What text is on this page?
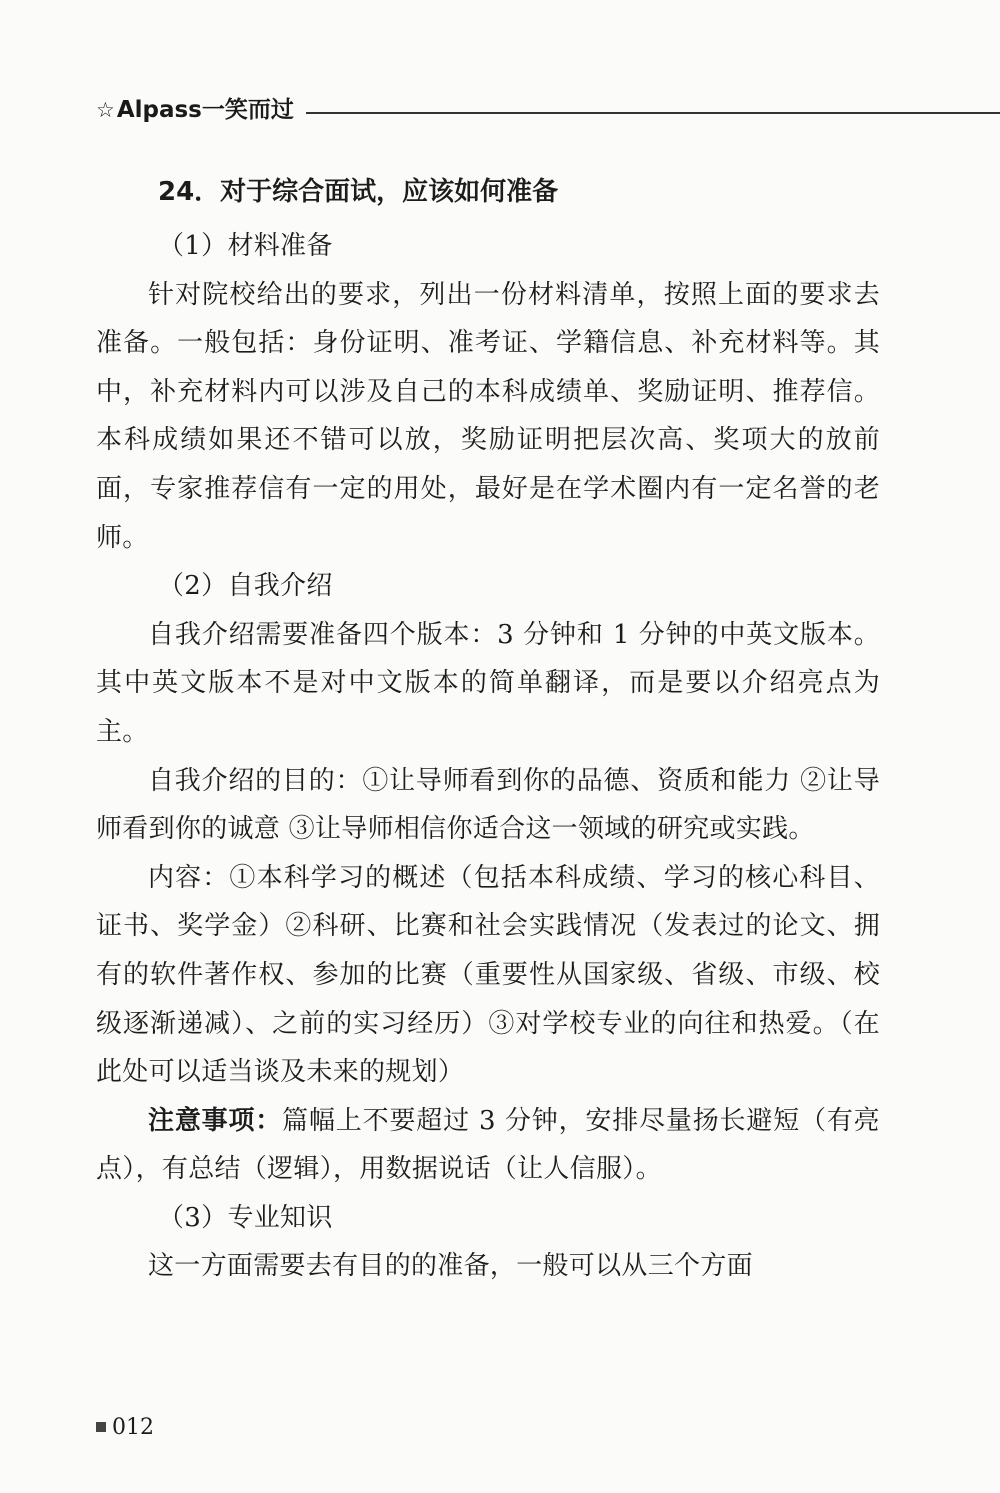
☆Alpass一笑而过
24．对于综合面试，应该如何准备

（1）材料准备

针对院校给出的要求，列出一份材料清单，按照上面的要求去准备。一般包括：身份证明、准考证、学籍信息、补充材料等。其中，补充材料内可以涉及自己的本科成绩单、奖励证明、推荐信。本科成绩如果还不错可以放，奖励证明把层次高、奖项大的放前面，专家推荐信有一定的用处，最好是在学术圈内有一定名誉的老师。

（2）自我介绍

自我介绍需要准备四个版本：3 分钟和 1 分钟的中英文版本。其中英文版本不是对中文版本的简单翻译，而是要以介绍亮点为主。

自我介绍的目的：①让导师看到你的品德、资质和能力 ②让导师看到你的诚意 ③让导师相信你适合这一领域的研究或实践。

内容：①本科学习的概述（包括本科成绩、学习的核心科目、证书、奖学金）②科研、比赛和社会实践情况（发表过的论文、拥有的软件著作权、参加的比赛（重要性从国家级、省级、市级、校级逐渐递减）、之前的实习经历）③对学校专业的向往和热爱。（在此处可以适当谈及未来的规划）

注意事项：篇幅上不要超过 3 分钟，安排尽量扬长避短（有亮点），有总结（逻辑），用数据说话（让人信服）。

（3）专业知识

这一方面需要去有目的的准备，一般可以从三个方面

012
